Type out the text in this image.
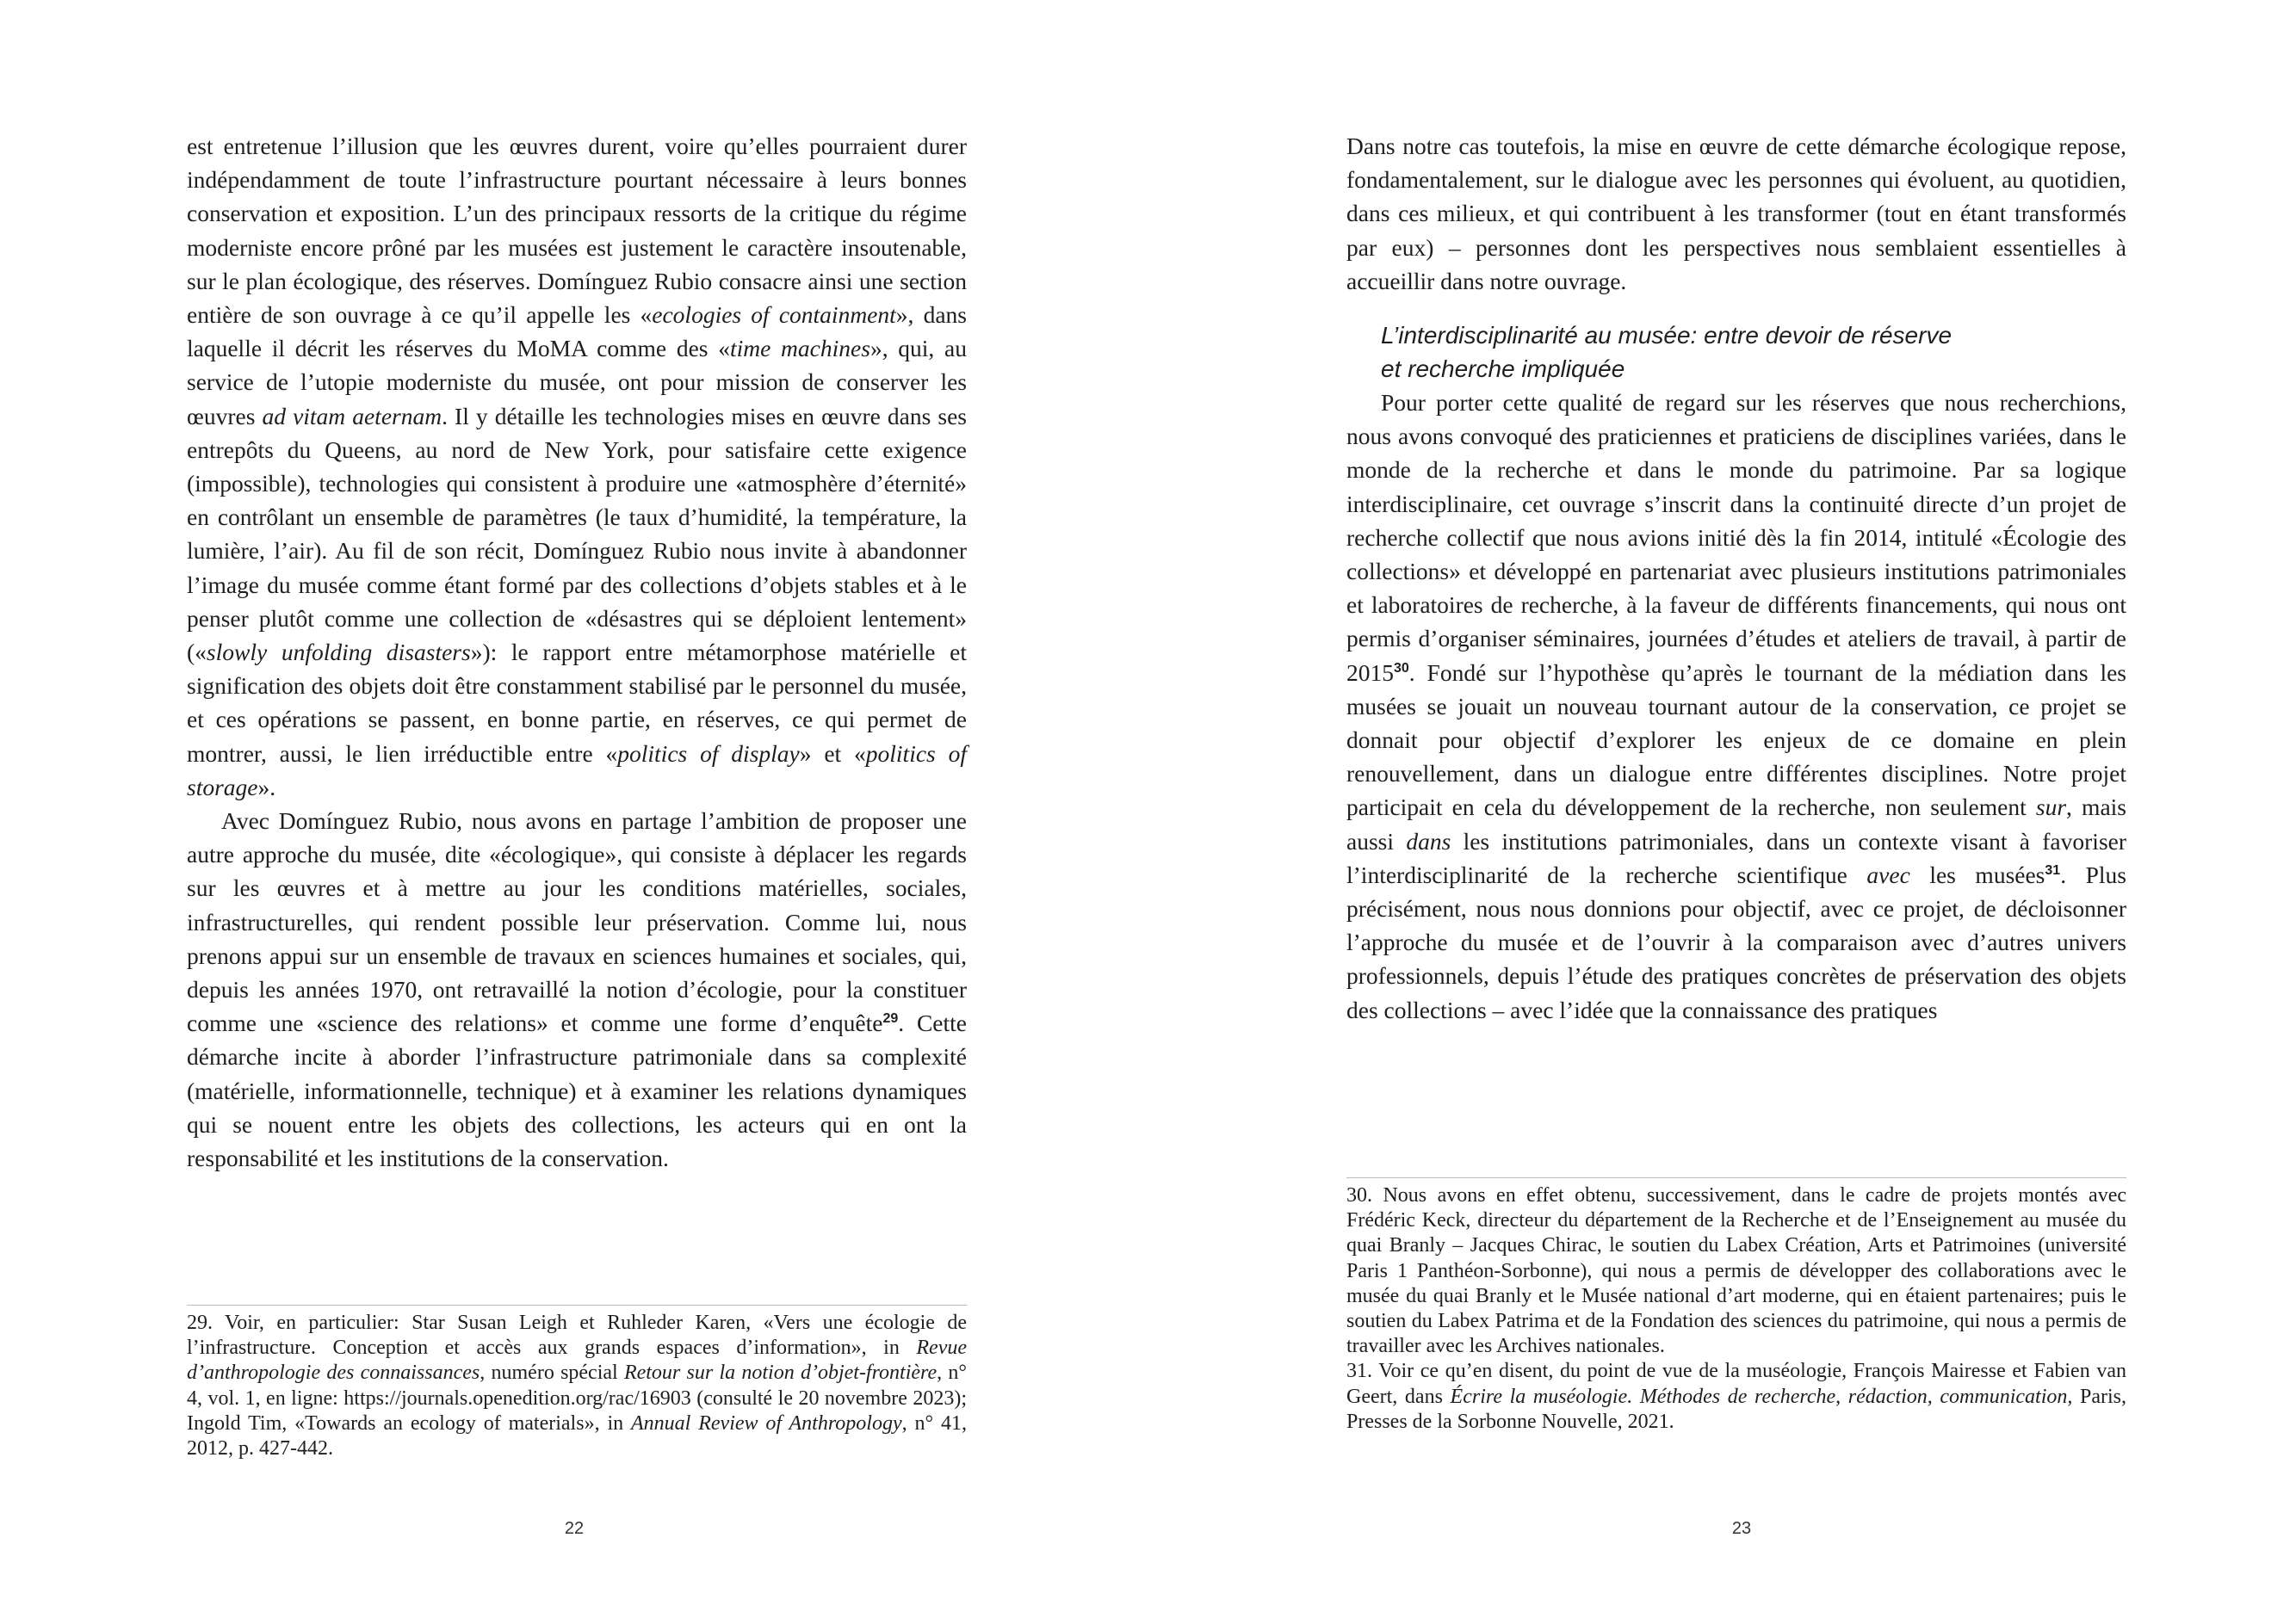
est entretenue l’illusion que les œuvres durent, voire qu’elles pourraient durer indépendamment de toute l’infrastructure pourtant nécessaire à leurs bonnes conservation et exposition. L’un des principaux ressorts de la critique du régime moderniste encore prôné par les musées est justement le caractère insoutenable, sur le plan écologique, des réserves. Domínguez Rubio consacre ainsi une section entière de son ouvrage à ce qu’il appelle les «ecologies of containment», dans laquelle il décrit les réserves du MoMA comme des «time machines», qui, au service de l’utopie moderniste du musée, ont pour mission de conserver les œuvres ad vitam aeternam. Il y détaille les technologies mises en œuvre dans ses entrepôts du Queens, au nord de New York, pour satisfaire cette exigence (impossible), technologies qui consistent à produire une «atmosphère d’éternité» en contrôlant un ensemble de paramètres (le taux d’humidité, la température, la lumière, l’air). Au fil de son récit, Domínguez Rubio nous invite à abandonner l’image du musée comme étant formé par des collections d’objets stables et à le penser plutôt comme une collection de «désastres qui se déploient lentement» («slowly unfolding disasters»): le rapport entre métamorphose matérielle et signification des objets doit être constamment stabilisé par le personnel du musée, et ces opérations se passent, en bonne partie, en réserves, ce qui permet de montrer, aussi, le lien irréductible entre «politics of display» et «politics of storage».

Avec Domínguez Rubio, nous avons en partage l’ambition de proposer une autre approche du musée, dite «écologique», qui consiste à déplacer les regards sur les œuvres et à mettre au jour les conditions matérielles, sociales, infrastructurelles, qui rendent possible leur préservation. Comme lui, nous prenons appui sur un ensemble de travaux en sciences humaines et sociales, qui, depuis les années 1970, ont retravaillé la notion d’écologie, pour la constituer comme une «science des relations» et comme une forme d’enquête$^{29}$. Cette démarche incite à aborder l’infrastructure patrimoniale dans sa complexité (matérielle, informationnelle, technique) et à examiner les relations dynamiques qui se nouent entre les objets des collections, les acteurs qui en ont la responsabilité et les institutions de la conservation.

29. Voir, en particulier: Star Susan Leigh et Ruhleder Karen, «Vers une écologie de l’infrastructure. Conception et accès aux grands espaces d’information», in Revue d’anthropologie des connaissances, numéro spécial Retour sur la notion d’objet-frontière, n° 4, vol. 1, en ligne: https://journals.openedition.org/rac/16903 (consulté le 20 novembre 2023); Ingold Tim, «Towards an ecology of materials», in Annual Review of Anthropology, n° 41, 2012, p. 427-442.

22

Dans notre cas toutefois, la mise en œuvre de cette démarche écologique repose, fondamentalement, sur le dialogue avec les personnes qui évoluent, au quotidien, dans ces milieux, et qui contribuent à les transformer (tout en étant transformés par eux) – personnes dont les perspectives nous semblaient essentielles à accueillir dans notre ouvrage.

L’interdisciplinarité au musée: entre devoir de réserve
et recherche impliquée

Pour porter cette qualité de regard sur les réserves que nous recherchions, nous avons convoqué des praticiennes et praticiens de disciplines variées, dans le monde de la recherche et dans le monde du patrimoine. Par sa logique interdisciplinaire, cet ouvrage s’inscrit dans la continuité directe d’un projet de recherche collectif que nous avions initié dès la fin 2014, intitulé «Écologie des collections» et développé en partenariat avec plusieurs institutions patrimoniales et laboratoires de recherche, à la faveur de différents financements, qui nous ont permis d’organiser séminaires, journées d’études et ateliers de travail, à partir de 2015$^{30}$. Fondé sur l’hypothèse qu’après le tournant de la médiation dans les musées se jouait un nouveau tournant autour de la conservation, ce projet se donnait pour objectif d’explorer les enjeux de ce domaine en plein renouvellement, dans un dialogue entre différentes disciplines. Notre projet participait en cela du développement de la recherche, non seulement sur, mais aussi dans les institutions patrimoniales, dans un contexte visant à favoriser l’interdisciplinarité de la recherche scientifique avec les musées$^{31}$. Plus précisément, nous nous donnions pour objectif, avec ce projet, de décloisonner l’approche du musée et de l’ouvrir à la comparaison avec d’autres univers professionnels, depuis l’étude des pratiques concrètes de préservation des objets des collections – avec l’idée que la connaissance des pratiques

30. Nous avons en effet obtenu, successivement, dans le cadre de projets montés avec Frédéric Keck, directeur du département de la Recherche et de l’Enseignement au musée du quai Branly – Jacques Chirac, le soutien du Labex Création, Arts et Patrimoines (université Paris 1 Panthéon-Sorbonne), qui nous a permis de développer des collaborations avec le musée du quai Branly et le Musée national d’art moderne, qui en étaient partenaires; puis le soutien du Labex Patrima et de la Fondation des sciences du patrimoine, qui nous a permis de travailler avec les Archives nationales.

31. Voir ce qu’en disent, du point de vue de la muséologie, François Mairesse et Fabien van Geert, dans Écrire la muséologie. Méthodes de recherche, rédaction, communication, Paris, Presses de la Sorbonne Nouvelle, 2021.

23
